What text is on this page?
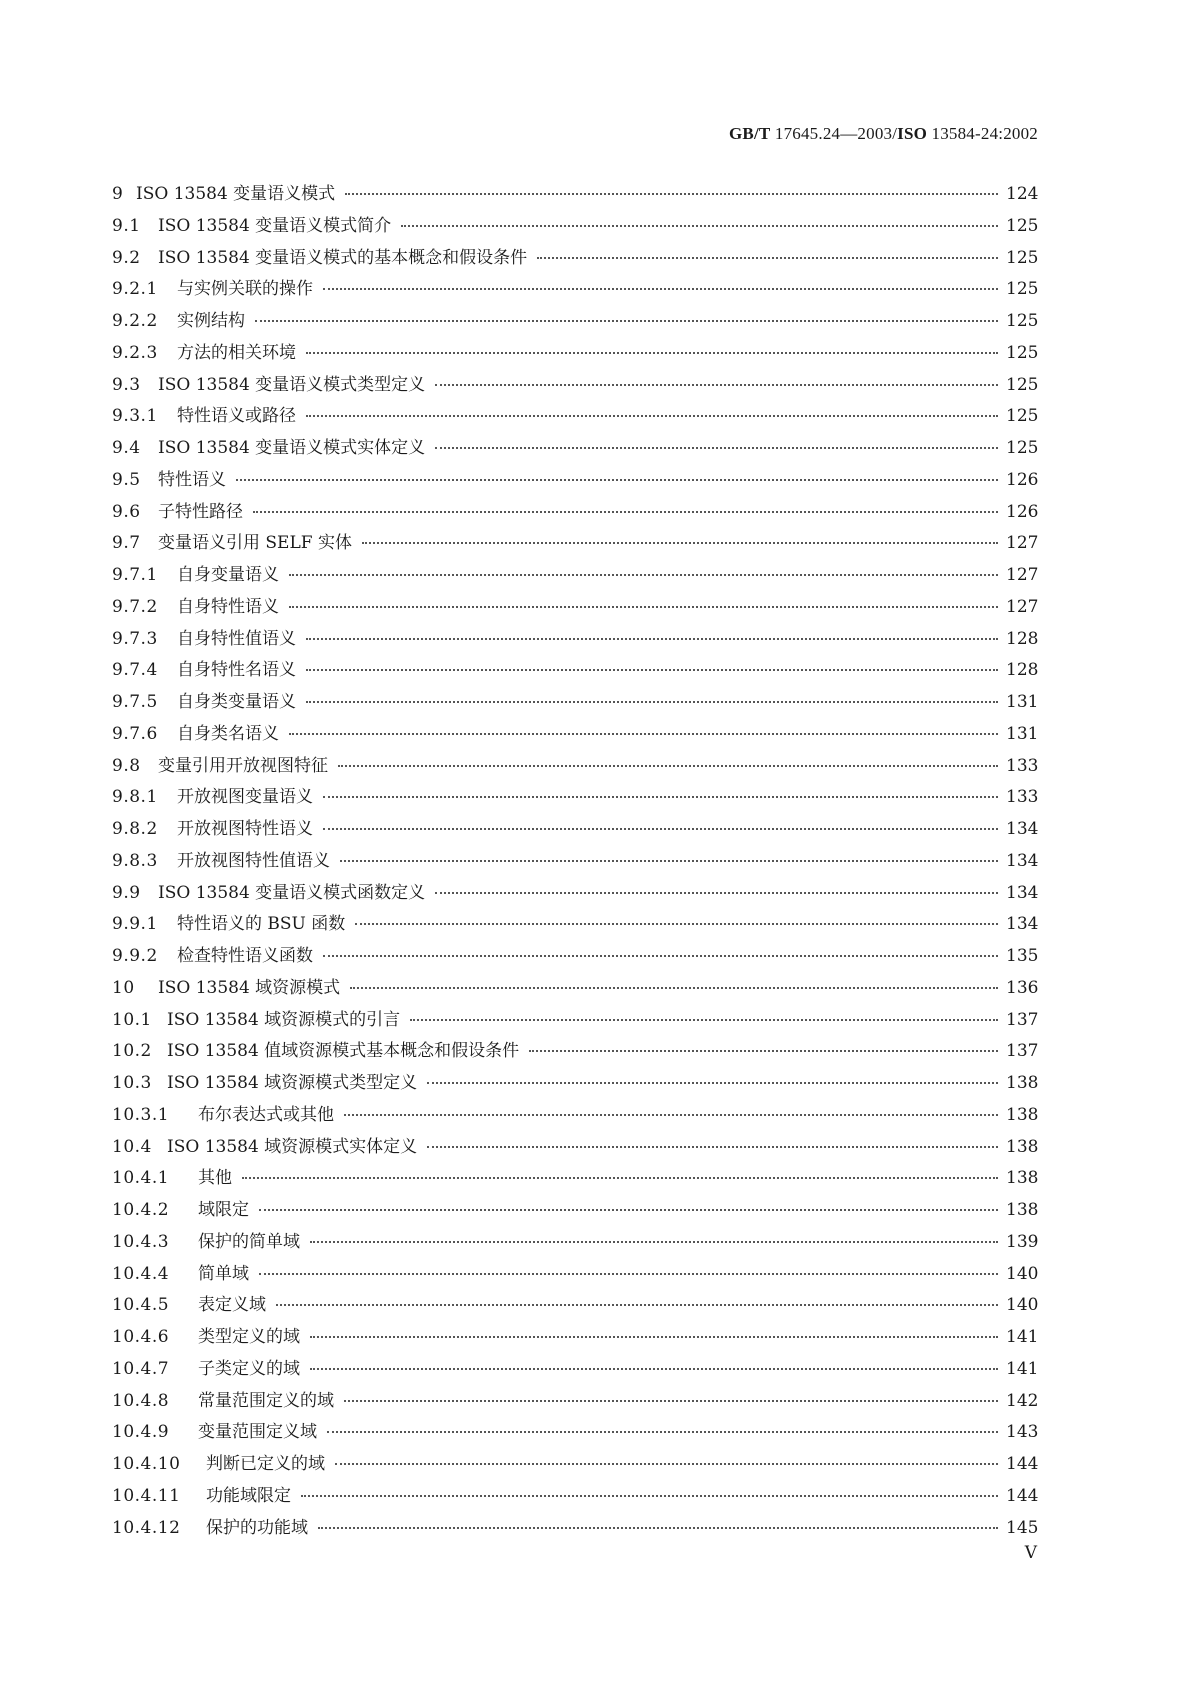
GB/T 17645.24—2003/ISO 13584-24:2002
9 ISO 13584 变量语义模式	124
9.1	ISO 13584 变量语义模式简介	125
9.2	ISO 13584 变量语义模式的基本概念和假设条件	125
9.2.1	与实例关联的操作	125
9.2.2	实例结构	125
9.2.3	方法的相关环境	125
9.3	ISO 13584 变量语义模式类型定义	125
9.3.1	特性语义或路径	125
9.4	ISO 13584 变量语义模式实体定义	125
9.5	特性语义	126
9.6	子特性路径	126
9.7	变量语义引用 SELF 实体	127
9.7.1	自身变量语义	127
9.7.2	自身特性语义	127
9.7.3	自身特性值语义	128
9.7.4	自身特性名语义	128
9.7.5	自身类变量语义	131
9.7.6	自身类名语义	131
9.8	变量引用开放视图特征	133
9.8.1	开放视图变量语义	133
9.8.2	开放视图特性语义	134
9.8.3	开放视图特性值语义	134
9.9	ISO 13584 变量语义模式函数定义	134
9.9.1	特性语义的 BSU 函数	134
9.9.2	检查特性语义函数	135
10	ISO 13584 域资源模式	136
10.1 ISO 13584 域资源模式的引言	137
10.2 ISO 13584 值域资源模式基本概念和假设条件	137
10.3 ISO 13584 域资源模式类型定义	138
10.3.1	布尔表达式或其他	138
10.4 ISO 13584 域资源模式实体定义	138
10.4.1	其他	138
10.4.2	域限定	138
10.4.3	保护的简单域	139
10.4.4	简单域	140
10.4.5	表定义域	140
10.4.6	类型定义的域	141
10.4.7	子类定义的域	141
10.4.8	常量范围定义的域	142
10.4.9	变量范围定义域	143
10.4.10	判断已定义的域	144
10.4.11	功能域限定	144
10.4.12	保护的功能域	145
V
